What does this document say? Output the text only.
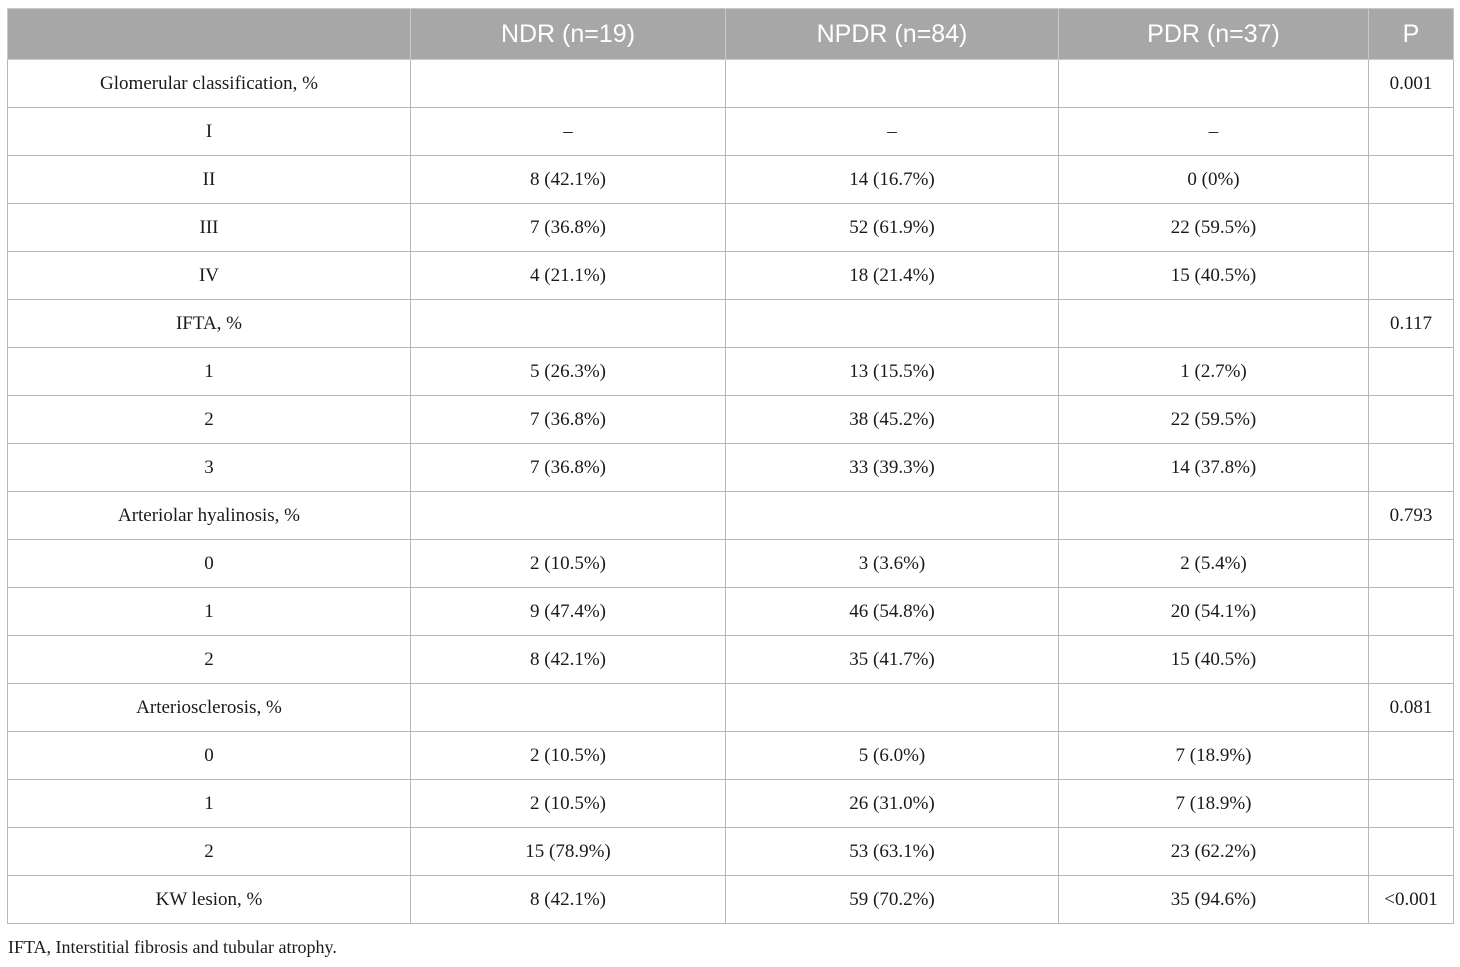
	NDR (n=19)	NPDR (n=84)	PDR (n=37)	P
Glomerular classification, %				0.001
I	–	–	–	
II	8 (42.1%)	14 (16.7%)	0 (0%)	
III	7 (36.8%)	52 (61.9%)	22 (59.5%)	
IV	4 (21.1%)	18 (21.4%)	15 (40.5%)	
IFTA, %				0.117
1	5 (26.3%)	13 (15.5%)	1 (2.7%)	
2	7 (36.8%)	38 (45.2%)	22 (59.5%)	
3	7 (36.8%)	33 (39.3%)	14 (37.8%)	
Arteriolar hyalinosis, %				0.793
0	2 (10.5%)	3 (3.6%)	2 (5.4%)	
1	9 (47.4%)	46 (54.8%)	20 (54.1%)	
2	8 (42.1%)	35 (41.7%)	15 (40.5%)	
Arteriosclerosis, %				0.081
0	2 (10.5%)	5 (6.0%)	7 (18.9%)	
1	2 (10.5%)	26 (31.0%)	7 (18.9%)	
2	15 (78.9%)	53 (63.1%)	23 (62.2%)	
KW lesion, %	8 (42.1%)	59 (70.2%)	35 (94.6%)	<0.001
IFTA, Interstitial fibrosis and tubular atrophy.
